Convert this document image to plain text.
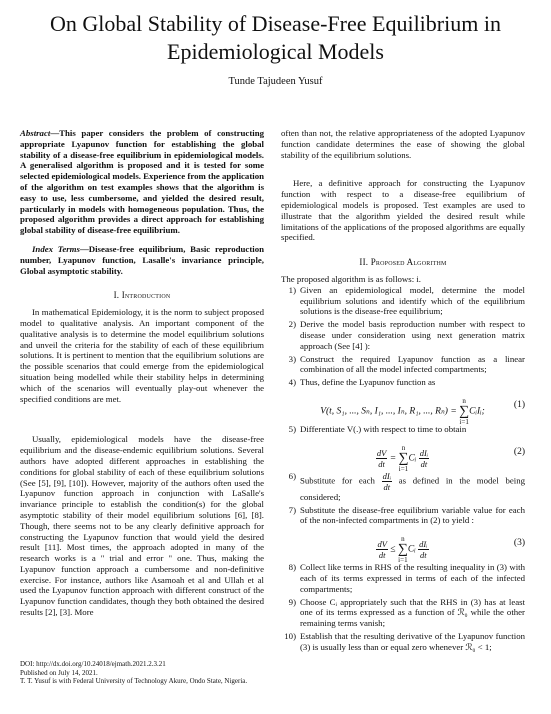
On Global Stability of Disease-Free Equilibrium in
Epidemiological Models
Tunde Tajudeen Yusuf

Abstract—This paper considers the problem of constructing appropriate Lyapunov function for establishing the global stability of a disease-free equilibrium in epidemiological models. A generalised algorithm is proposed and it is tested for some selected epidemiological models. Experience from the application of the algorithm on test examples shows that the algorithm is easy to use, less cumbersome, and yielded the desired result, particularly in models with homogeneous population. Thus, the proposed algorithm provides a direct approach for establishing global stability of disease-free equilibrium.

Index Terms—Disease-free equilibrium, Basic reproduction number, Lyapunov function, Lasalle's invariance principle, Global asymptotic stability.

I. Introduction

In mathematical Epidemiology, it is the norm to subject proposed model to qualitative analysis. An important component of the qualitative analysis is to determine the model equilibrium solutions and unveil the criteria for the stability of each of these equilibrium solutions. It is pertinent to mention that the equilibrium solutions are the possible scenarios that could emerge from the epidemiological situation being modelled while their stability helps in determining which of the scenarios will eventually play-out whenever the specified conditions are met.

Usually, epidemiological models have the disease-free equilibrium and the disease-endemic equilibrium solutions. Several authors have adopted different approaches in establishing the conditions for global stability of each of these equilibrium solutions (See [5], [9], [10]). However, majority of the authors often used the Lyapunov function approach in conjunction with LaSalle's invariance principle to establish the condition(s) for the global asymptotic stability of their model equilibrium solutions [6], [8]. Though, there seems not to be any clearly definitive approach for constructing the Lyapunov function that would yield the desired result [11]. Most times, the approach adopted in many of the research works is a " trial and error " one. Thus, making the Lyapunov function approach a cumbersome and non-definitive exercise. For instance, authors like Asamoah et al and Ullah et al used the Lyapunov function approach with different construct of the Lyapunov function candidates, though they both obtained the desired results [2], [3]. More

often than not, the relative appropriateness of the adopted Lyapunov function candidate determines the ease of showing the global stability of the equilibrium solutions.

Here, a definitive approach for constructing the Lyapunov function with respect to a disease-free equilibrium of epidemiological models is proposed. Test examples are used to illustrate that the algorithm yielded the desired result while limitations of the applications of the proposed algorithms are equally specified.

II. Proposed Algorithm

The proposed algorithm is as follows: i.

1) Given an epidemiological model, determine the model equilibrium solutions and identify which of the equilibrium solutions is the disease-free equilibrium;
2) Derive the model basis reproduction number with respect to disease under consideration using next generation matrix approach (See [4] ):
3) Construct the required Lyapunov function as a linear combination of all the model infected compartments;
4) Thus, define the Lyapunov function as
V(t, S₁, ..., Sₙ, I₁, ..., Iₙ, R₁, ..., Rₙ) = n
∑
i=1CᵢIᵢ;
(1)
5) Differentiate V(.) with respect to time to obtain
$\frac{dV}{dt} = n$
∑
i=1Cᵢ $\frac{\text{dIᵢ}}{dt}$	(2)
6) Substitute for each $\frac{\text{dIᵢ}}{dt}$ as defined in the model being considered;
7) Substitute the disease-free equilibrium variable value for each of the non-infected compartments in (2) to yield :
$\frac{dV}{dt} \le n$
∑
i=1Cᵢ $\frac{\text{dIᵢ}}{dt}$	(3)
8) Collect like terms in RHS of the resulting inequality in (3) with each of its terms expressed in terms of each of the infected compartments;
9) Choose Cᵢ appropriately such that the RHS in (3) has at least one of its terms expressed as a function of ℛ₀ while the other remaining terms vanish;
10) Establish that the resulting derivative of the Lyapunov function (3) is usually less than or equal zero whenever ℛ₀ < 1;
DOI: http://dx.doi.org/10.24018/ejmath.2021.2.3.21
Published on July 14, 2021.
T. T. Yusuf is with Federal University of Technology Akure, Ondo State, Nigeria.
